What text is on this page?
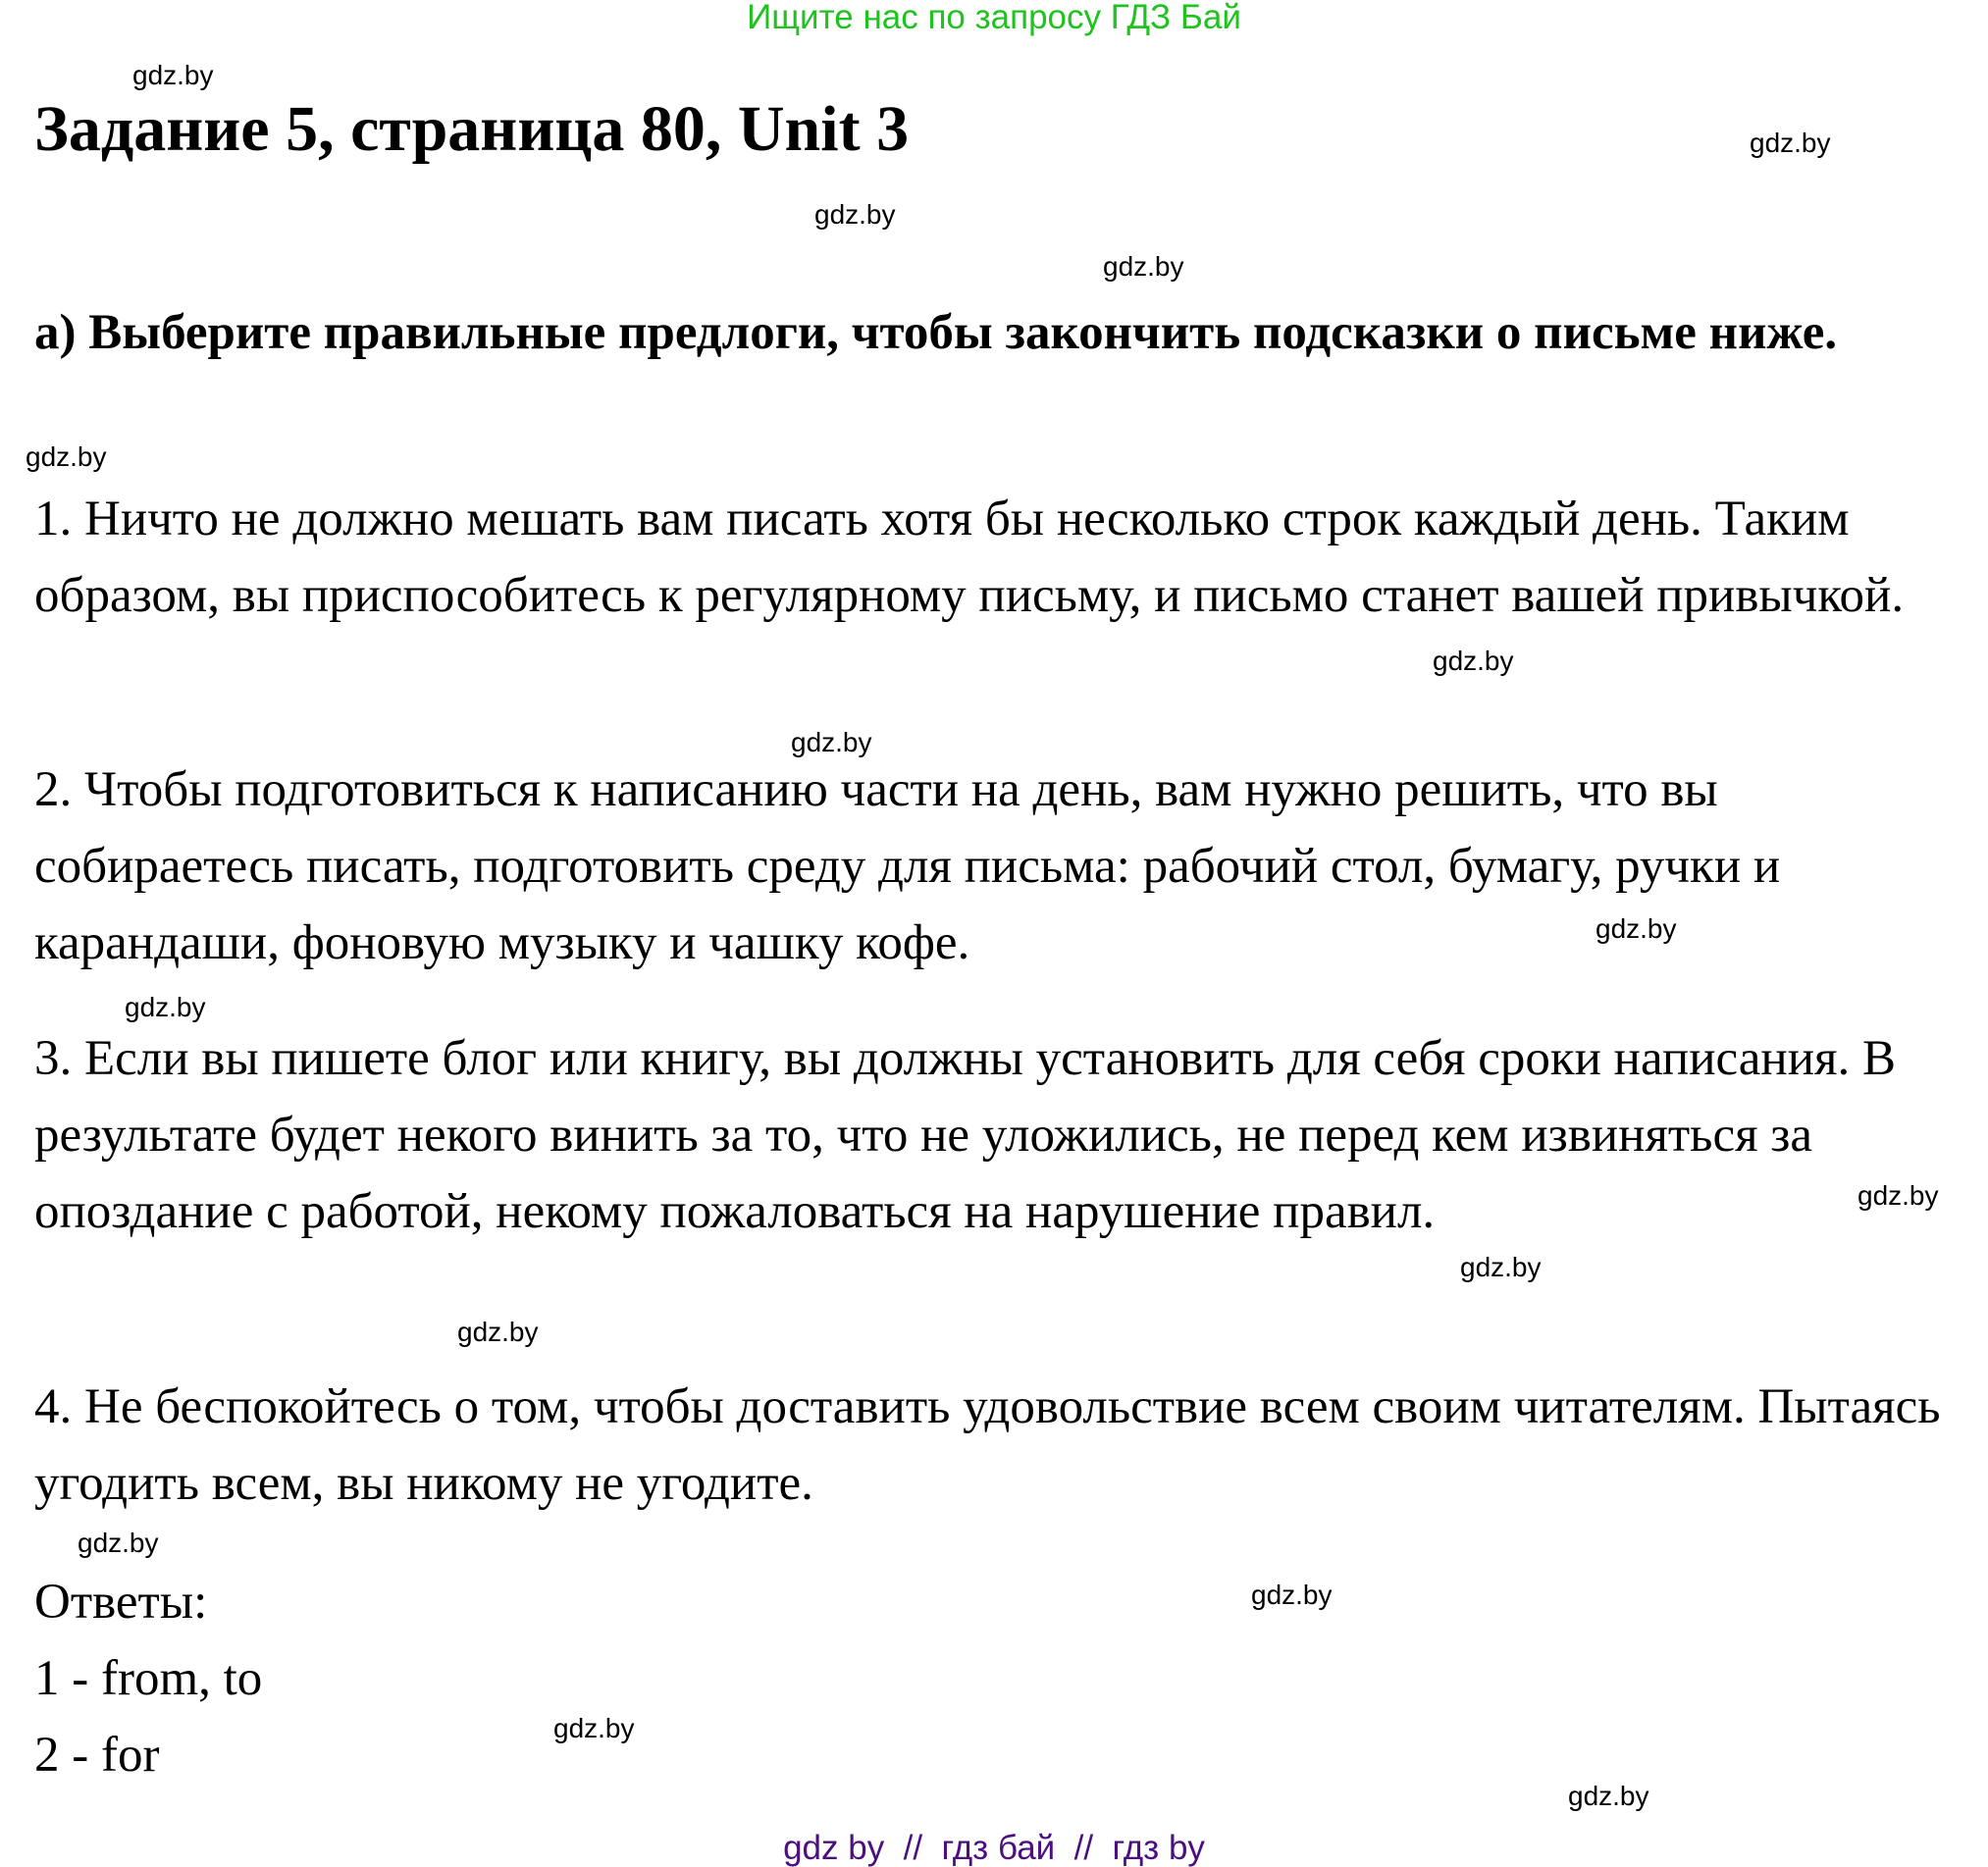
Ищите нас по запросу ГДЗ Бай
Задание 5, страница 80, Unit 3

а) Выберите правильные предлоги, чтобы закончить подсказки о письме ниже.

1. Ничто не должно мешать вам писать хотя бы несколько строк каждый день. Таким образом, вы приспособитесь к регулярному письму, и письмо станет вашей привычкой.

2. Чтобы подготовиться к написанию части на день, вам нужно решить, что вы собираетесь писать, подготовить среду для письма: рабочий стол, бумагу, ручки и карандаши, фоновую музыку и чашку кофе.

3. Если вы пишете блог или книгу, вы должны установить для себя сроки написания. В результате будет некого винить за то, что не уложились, не перед кем извиняться за опоздание с работой, некому пожаловаться на нарушение правил.

4. Не беспокойтесь о том, чтобы доставить удовольствие всем своим читателям. Пытаясь угодить всем, вы никому не угодите.

Ответы:
1 - from, to
2 - for
gdz.by
gdz.by
gdz.by
gdz.by
gdz.by
gdz.by
gdz.by
gdz.by
gdz.by
gdz.by
gdz.by
gdz.by
gdz.by
gdz.by
gdz.by
gdz.by
gdz by  //  гдз бай  //  гдз by
